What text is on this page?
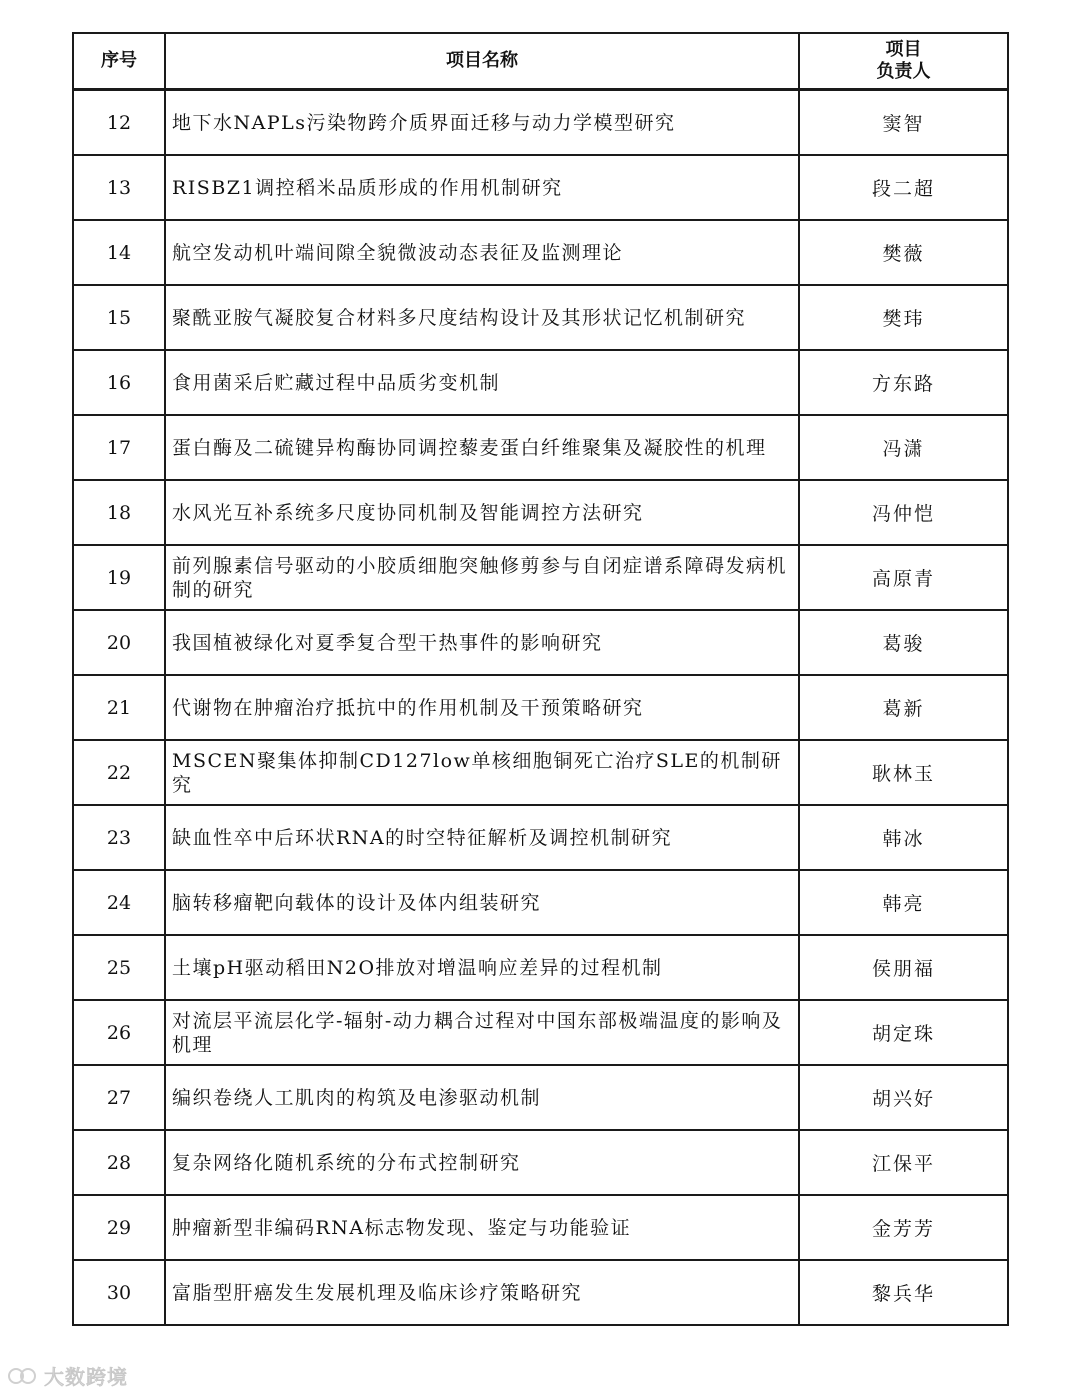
序号	项目名称	项目
负责人

12	地下水NAPLs污染物跨介质界面迁移与动力学模型研究	窦智
13	RISBZ1调控稻米品质形成的作用机制研究	段二超
14	航空发动机叶端间隙全貌微波动态表征及监测理论	樊薇
15	聚酰亚胺气凝胶复合材料多尺度结构设计及其形状记忆机制研究	樊玮
16	食用菌采后贮藏过程中品质劣变机制	方东路
17	蛋白酶及二硫键异构酶协同调控藜麦蛋白纤维聚集及凝胶性的机理	冯潇
18	水风光互补系统多尺度协同机制及智能调控方法研究	冯仲恺
19	前列腺素信号驱动的小胶质细胞突触修剪参与自闭症谱系障碍发病机制的研究	高原青
20	我国植被绿化对夏季复合型干热事件的影响研究	葛骏
21	代谢物在肿瘤治疗抵抗中的作用机制及干预策略研究	葛新
22	MSCEN聚集体抑制CD127low单核细胞铜死亡治疗SLE的机制研究	耿林玉
23	缺血性卒中后环状RNA的时空特征解析及调控机制研究	韩冰
24	脑转移瘤靶向载体的设计及体内组装研究	韩亮
25	土壤pH驱动稻田N2O排放对增温响应差异的过程机制	侯朋福
26	对流层平流层化学-辐射-动力耦合过程对中国东部极端温度的影响及机理	胡定珠
27	编织卷绕人工肌肉的构筑及电渗驱动机制	胡兴好
28	复杂网络化随机系统的分布式控制研究	江保平
29	肿瘤新型非编码RNA标志物发现、鉴定与功能验证	金芳芳
30	富脂型肝癌发生发展机理及临床诊疗策略研究	黎兵华
大数跨境
